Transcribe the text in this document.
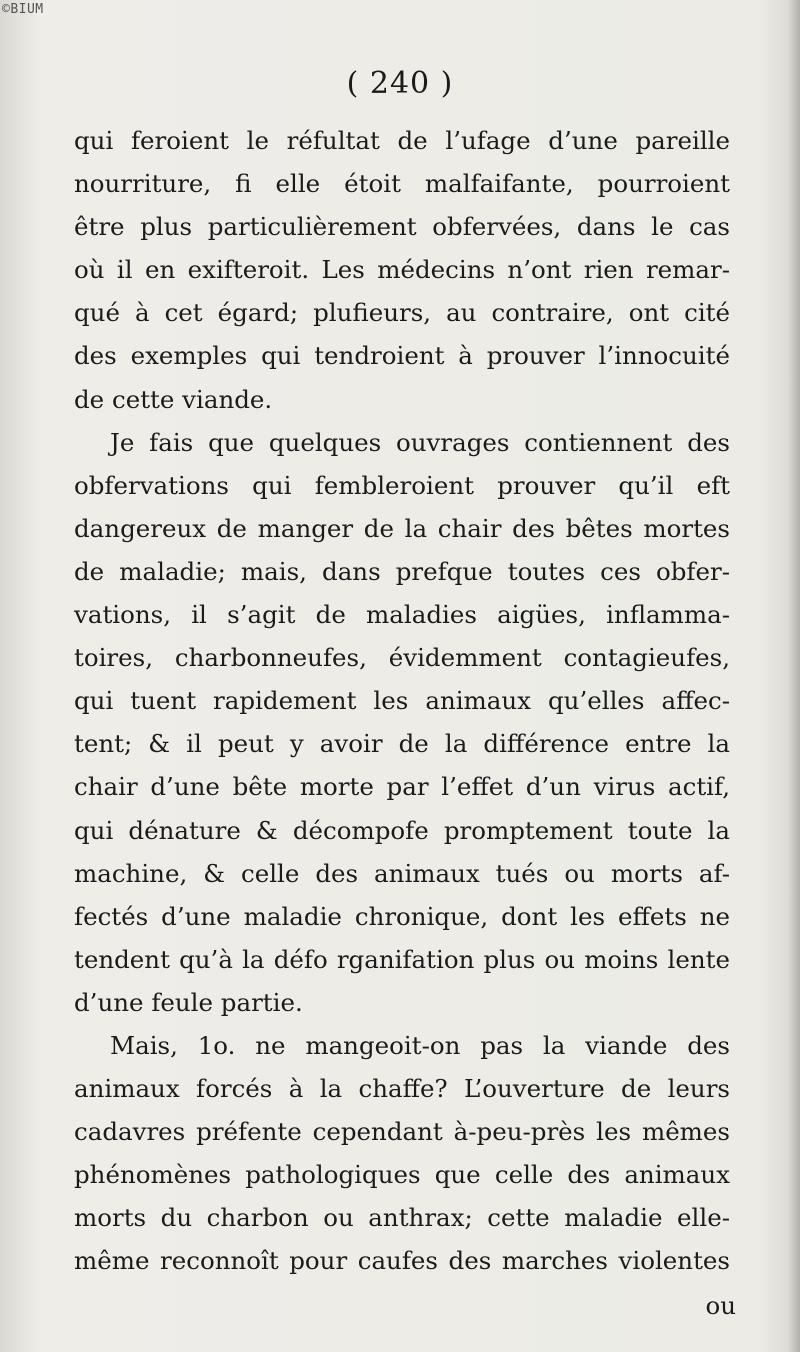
©BIUM
( 240 )
qui feroient le réfultat de l’ufage d’une pareille
nourriture, fi elle étoit malfaifante, pourroient
être plus particulièrement obfervées, dans le cas
où il en exifteroit. Les médecins n’ont rien remar-
qué à cet égard; plufieurs, au contraire, ont cité
des exemples qui tendroient à prouver l’innocuité
de cette viande.
Je fais que quelques ouvrages contiennent des
obfervations qui fembleroient prouver qu’il eft
dangereux de manger de la chair des bêtes mortes
de maladie; mais, dans prefque toutes ces obfer-
vations, il s’agit de maladies aigües, inflamma-
toires, charbonneufes, évidemment contagieufes,
qui tuent rapidement les animaux qu’elles affec-
tent; & il peut y avoir de la différence entre la
chair d’une bête morte par l’effet d’un virus actif,
qui dénature & décompofe promptement toute la
machine, & celle des animaux tués ou morts af-
fectés d’une maladie chronique, dont les effets ne
tendent qu’à la défo rganifation plus ou moins lente
d’une feule partie.
Mais, 1o. ne mangeoit-on pas la viande des
animaux forcés à la chaffe? L’ouverture de leurs
cadavres préfente cependant à-peu-près les mêmes
phénomènes pathologiques que celle des animaux
morts du charbon ou anthrax; cette maladie elle-
même reconnoît pour caufes des marches violentes
ou
